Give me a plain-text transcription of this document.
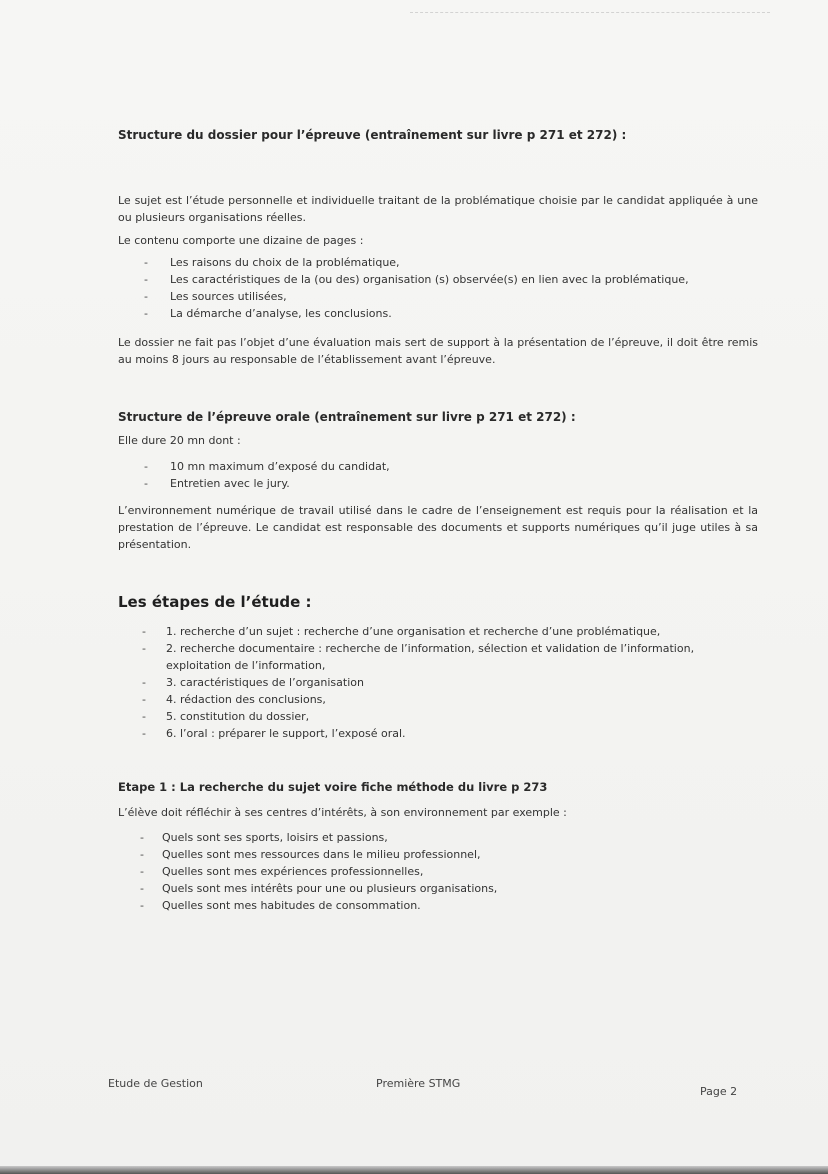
Structure du dossier pour l’épreuve (entraînement sur livre p 271 et 272) :

Le sujet est l’étude personnelle et individuelle traitant de la problématique choisie par le candidat appliquée à une ou plusieurs organisations réelles.

Le contenu comporte une dizaine de pages :

- Les raisons du choix de la problématique,
- Les caractéristiques de la (ou des) organisation (s) observée(s) en lien avec la problématique,
- Les sources utilisées,
- La démarche d’analyse, les conclusions.

Le dossier ne fait pas l’objet d’une évaluation mais sert de support à la présentation de l’épreuve, il doit être remis au moins 8 jours au responsable de l’établissement avant l’épreuve.

Structure de l’épreuve orale (entraînement sur livre p 271 et 272) :

Elle dure 20 mn dont :

- 10 mn maximum d’exposé du candidat,
- Entretien avec le jury.

L’environnement numérique de travail utilisé dans le cadre de l’enseignement est requis pour la réalisation et la prestation de l’épreuve. Le candidat est responsable des documents et supports numériques qu’il juge utiles à sa présentation.

Les étapes de l’étude :

- 1. recherche d’un sujet : recherche d’une organisation et recherche d’une problématique,
- 2. recherche documentaire : recherche de l’information, sélection et validation de l’information, exploitation de l’information,
- 3. caractéristiques de l’organisation
- 4. rédaction des conclusions,
- 5. constitution du dossier,
- 6. l’oral : préparer le support, l’exposé oral.

Etape 1 : La recherche du sujet voire fiche méthode du livre p 273

L’élève doit réfléchir à ses centres d’intérêts, à son environnement par exemple :

- Quels sont ses sports, loisirs et passions,
- Quelles sont mes ressources dans le milieu professionnel,
- Quelles sont mes expériences professionnelles,
- Quels sont mes intérêts pour une ou plusieurs organisations,
- Quelles sont mes habitudes de consommation.
Etude de Gestion	Première STMG
Page 2
